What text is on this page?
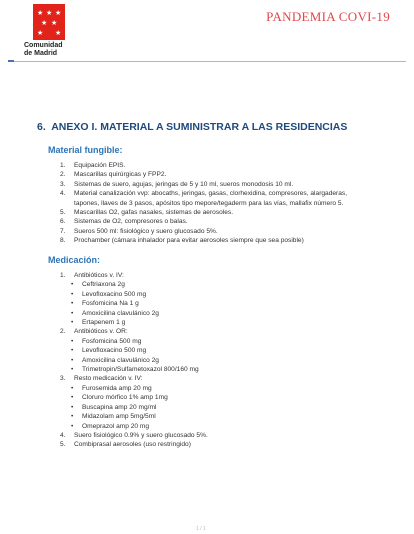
★ ★ ★
★ ★
★ ★
Comunidad
de Madrid
PANDEMIA COVI-19
6. ANEXO I. MATERIAL A SUMINISTRAR A LAS RESIDENCIAS
Material fungible:
1. Equipación EPIS.
2. Mascarillas quirúrgicas y FPP2.
3. Sistemas de suero, agujas, jeringas de 5 y 10 ml, sueros monodosis 10 ml.
4. Material canalización vvp: abocaths, jeringas, gasas, clorhexidina, compresores, alargaderas, tapones, llaves de 3 pasos, apósitos tipo mepore/tegaderm para las vías, mallafix número 5.
5. Mascarillas O2, gafas nasales, sistemas de aerosoles.
6. Sistemas de O2, compresores o balas.
7. Sueros 500 ml: fisiológico y suero glucosado 5%.
8. Prochamber (cámara inhalador para evitar aerosoles siempre que sea posible)
Medicación:
1. Antibióticos v. IV:
• Ceftriaxona 2g
• Levofloxacino 500 mg
• Fosfomicina Na 1 g
• Amoxicilina clavulánico 2g
• Ertapenem 1 g
2. Antibióticos v. OR:
• Fosfomicina 500 mg
• Levofloxacino 500 mg
• Amoxicilina clavulánico 2g
• Trimetropin/Sulfametoxazol 800/160 mg
3. Resto medicación v. IV:
• Furosemida amp 20 mg
• Cloruro mórfico 1% amp 1mg
• Buscapina amp 20 mg/ml
• Midazolam amp 5mg/5ml
• Omeprazol amp 20 mg
4. Suero fisiológico 0.9% y suero glucosado 5%.
5. Combiprasal aerosoles (uso restringido)
1 / 1
